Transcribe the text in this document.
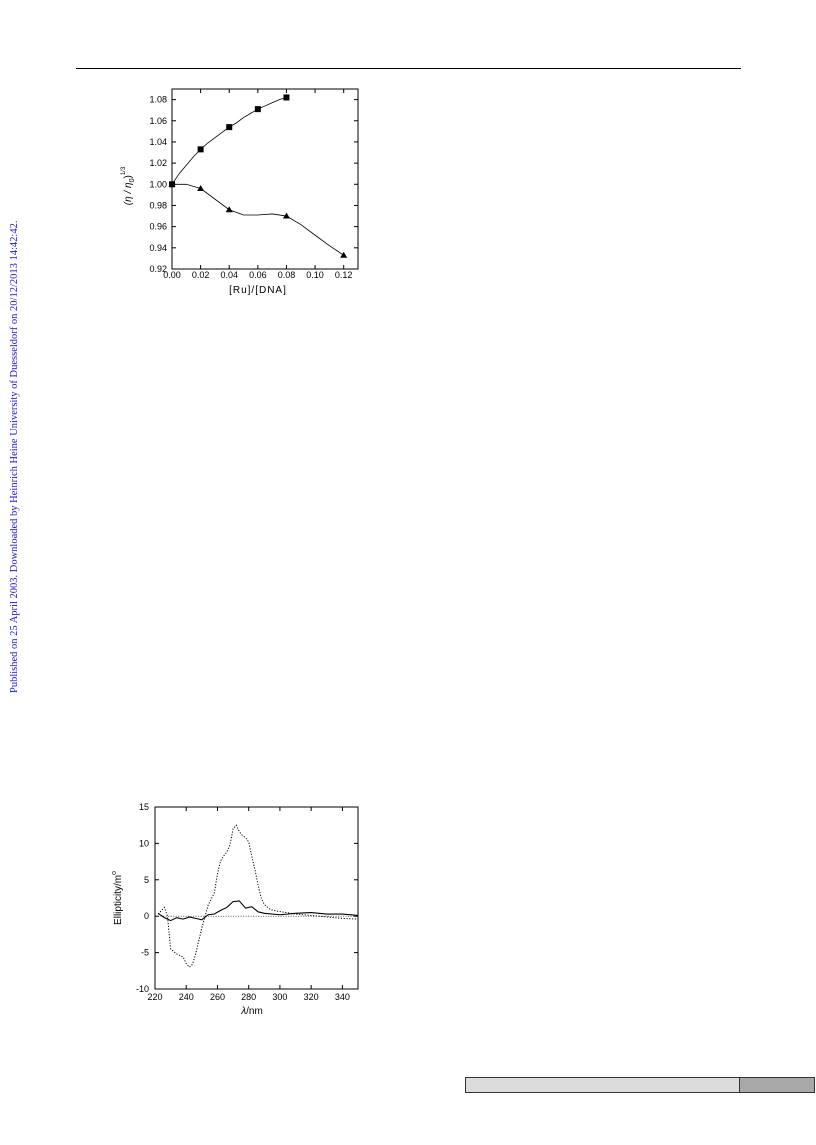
Published on 25 April 2003. Downloaded by Heinrich Heine University of Duesseldorf on 20/12/2013 14:42:42.	0.00 0.02 0.04 0.06 0.08 0.10 0.12
0.92
0.94
0.96
0.98
1.00
1.02
1.04
1.06
1.08
[Ru]/[DNA]
$(\eta / \eta_0)^{1/3}$
220 240 260 280 300 320 340
-10
-5
0
5
10
15
λ/nm
Ellipticity/$m^o$
